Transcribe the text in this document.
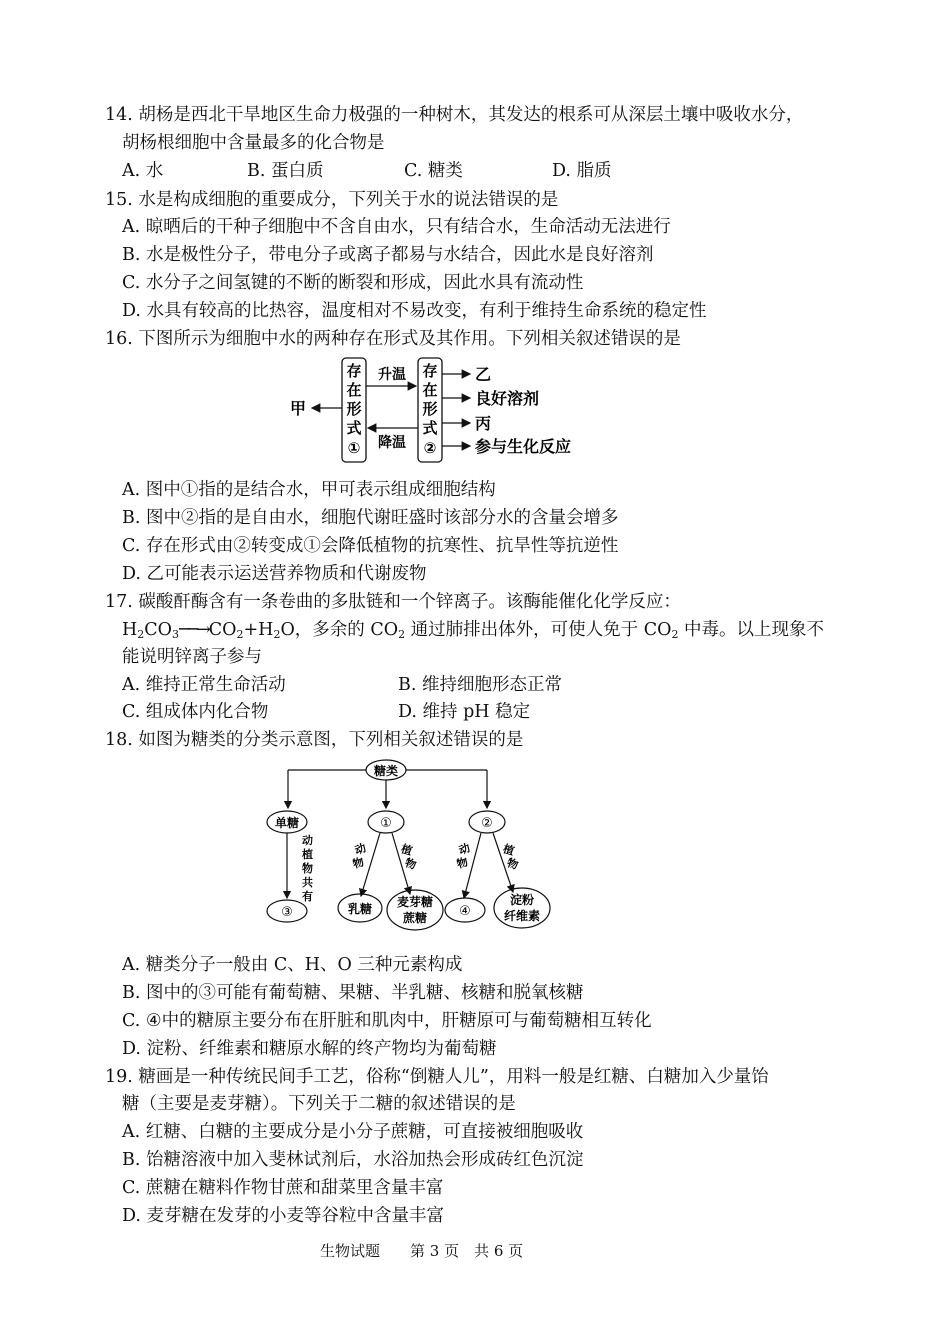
14. 胡杨是西北干旱地区生命力极强的一种树木，其发达的根系可从深层土壤中吸收水分，
胡杨根细胞中含量最多的化合物是
A. 水	B. 蛋白质	C. 糖类	D. 脂质
15. 水是构成细胞的重要成分，下列关于水的说法错误的是
A. 晾晒后的干种子细胞中不含自由水，只有结合水，生命活动无法进行
B. 水是极性分子，带电分子或离子都易与水结合，因此水是良好溶剂
C. 水分子之间氢键的不断的断裂和形成，因此水具有流动性
D. 水具有较高的比热容，温度相对不易改变，有利于维持生命系统的稳定性
16. 下图所示为细胞中水的两种存在形式及其作用。下列相关叙述错误的是
存
在
形
式
①
存
在
形
式
②
甲
升温
降温
乙
良好溶剂
丙
参与生化反应
A. 图中①指的是结合水，甲可表示组成细胞结构
B. 图中②指的是自由水，细胞代谢旺盛时该部分水的含量会增多
C. 存在形式由②转变成①会降低植物的抗寒性、抗旱性等抗逆性
D. 乙可能表示运送营养物质和代谢废物
17. 碳酸酐酶含有一条卷曲的多肽链和一个锌离子。该酶能催化化学反应：
$H_2CO_3──\to CO_2+H_2O$，多余的 $CO_2$ 通过肺排出体外，可使人免于 $CO_2$ 中毒。以上现象不
能说明锌离子参与
A. 维持正常生命活动	B. 维持细胞形态正常
C. 组成体内化合物	D. 维持 pH 稳定
18. 如图为糖类的分类示意图，下列相关叙述错误的是
糖类
单糖	①	②
动
植
物
共
有
③
动
物
植
物
乳糖 麦芽糖
蔗糖
动
物
植
物
④
淀粉
纤维素
A. 糖类分子一般由 C、H、O 三种元素构成
B. 图中的③可能有葡萄糖、果糖、半乳糖、核糖和脱氧核糖
C. ④中的糖原主要分布在肝脏和肌肉中，肝糖原可与葡萄糖相互转化
D. 淀粉、纤维素和糖原水解的终产物均为葡萄糖
19. 糖画是一种传统民间手工艺，俗称“倒糖人儿”，用料一般是红糖、白糖加入少量饴
糖（主要是麦芽糖）。下列关于二糖的叙述错误的是
A. 红糖、白糖的主要成分是小分子蔗糖，可直接被细胞吸收
B. 饴糖溶液中加入斐林试剂后，水浴加热会形成砖红色沉淀
C. 蔗糖在糖料作物甘蔗和甜菜里含量丰富
D. 麦芽糖在发芽的小麦等谷粒中含量丰富
生物试题　　第 3 页　共 6 页
